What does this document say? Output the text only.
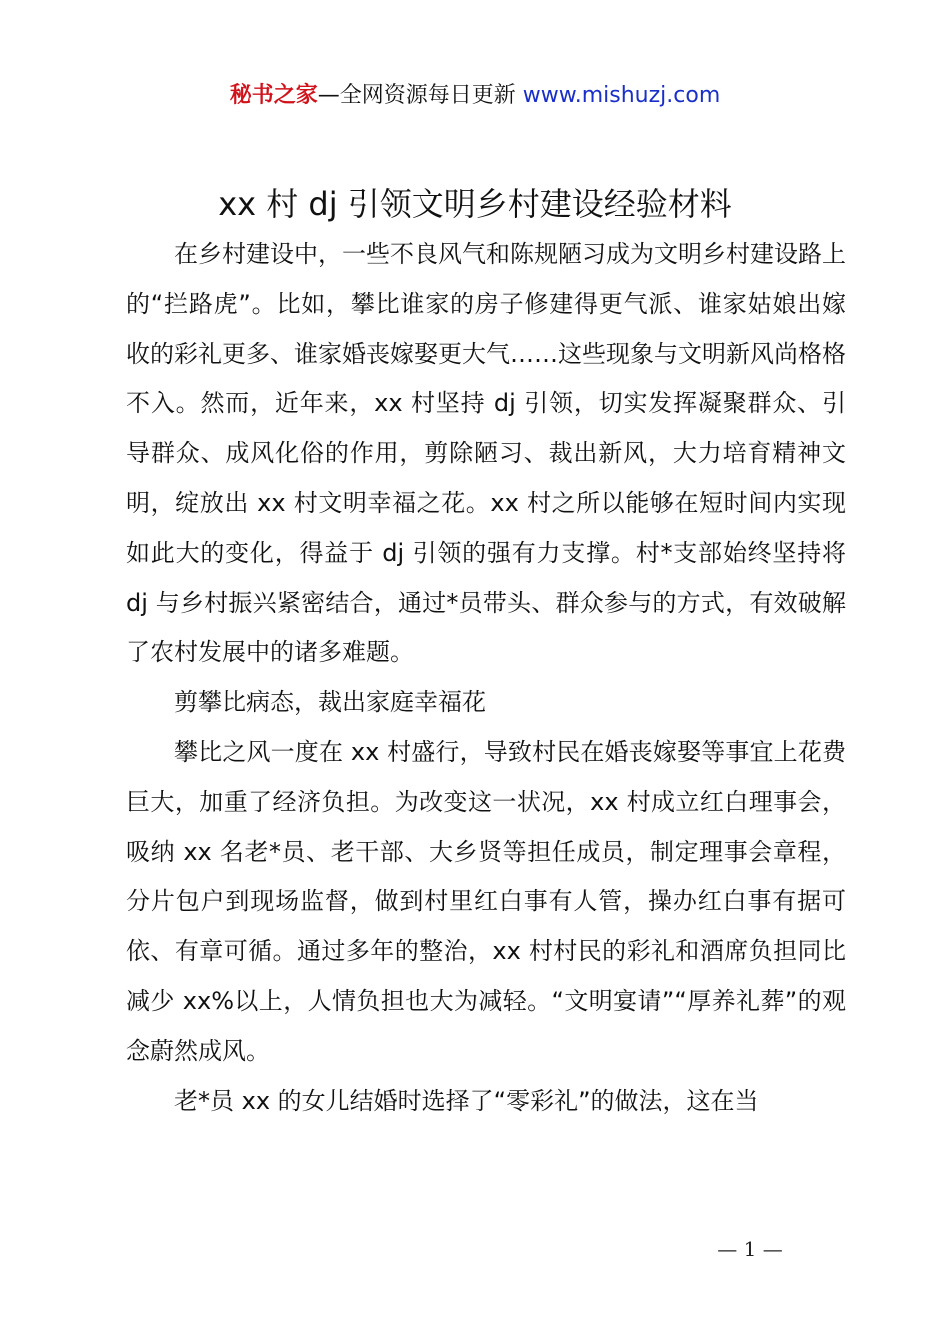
秘书之家—全网资源每日更新 www.mishuzj.com
xx 村 dj 引领文明乡村建设经验材料

在乡村建设中，一些不良风气和陈规陋习成为文明乡村建设路上的“拦路虎”。比如，攀比谁家的房子修建得更气派、谁家姑娘出嫁收的彩礼更多、谁家婚丧嫁娶更大气……这些现象与文明新风尚格格不入。然而，近年来，xx 村坚持 dj 引领，切实发挥凝聚群众、引导群众、成风化俗的作用，剪除陋习、裁出新风，大力培育精神文明，绽放出 xx 村文明幸福之花。xx 村之所以能够在短时间内实现如此大的变化，得益于 dj 引领的强有力支撑。村*支部始终坚持将 dj 与乡村振兴紧密结合，通过*员带头、群众参与的方式，有效破解了农村发展中的诸多难题。

剪攀比病态，裁出家庭幸福花

攀比之风一度在 xx 村盛行，导致村民在婚丧嫁娶等事宜上花费巨大，加重了经济负担。为改变这一状况，xx 村成立红白理事会，吸纳 xx 名老*员、老干部、大乡贤等担任成员，制定理事会章程，分片包户到现场监督，做到村里红白事有人管，操办红白事有据可依、有章可循。通过多年的整治，xx 村村民的彩礼和酒席负担同比减少 xx%以上，人情负担也大为减轻。“文明宴请”“厚养礼葬”的观念蔚然成风。

老*员 xx 的女儿结婚时选择了“零彩礼”的做法，这在当

— 1 —
